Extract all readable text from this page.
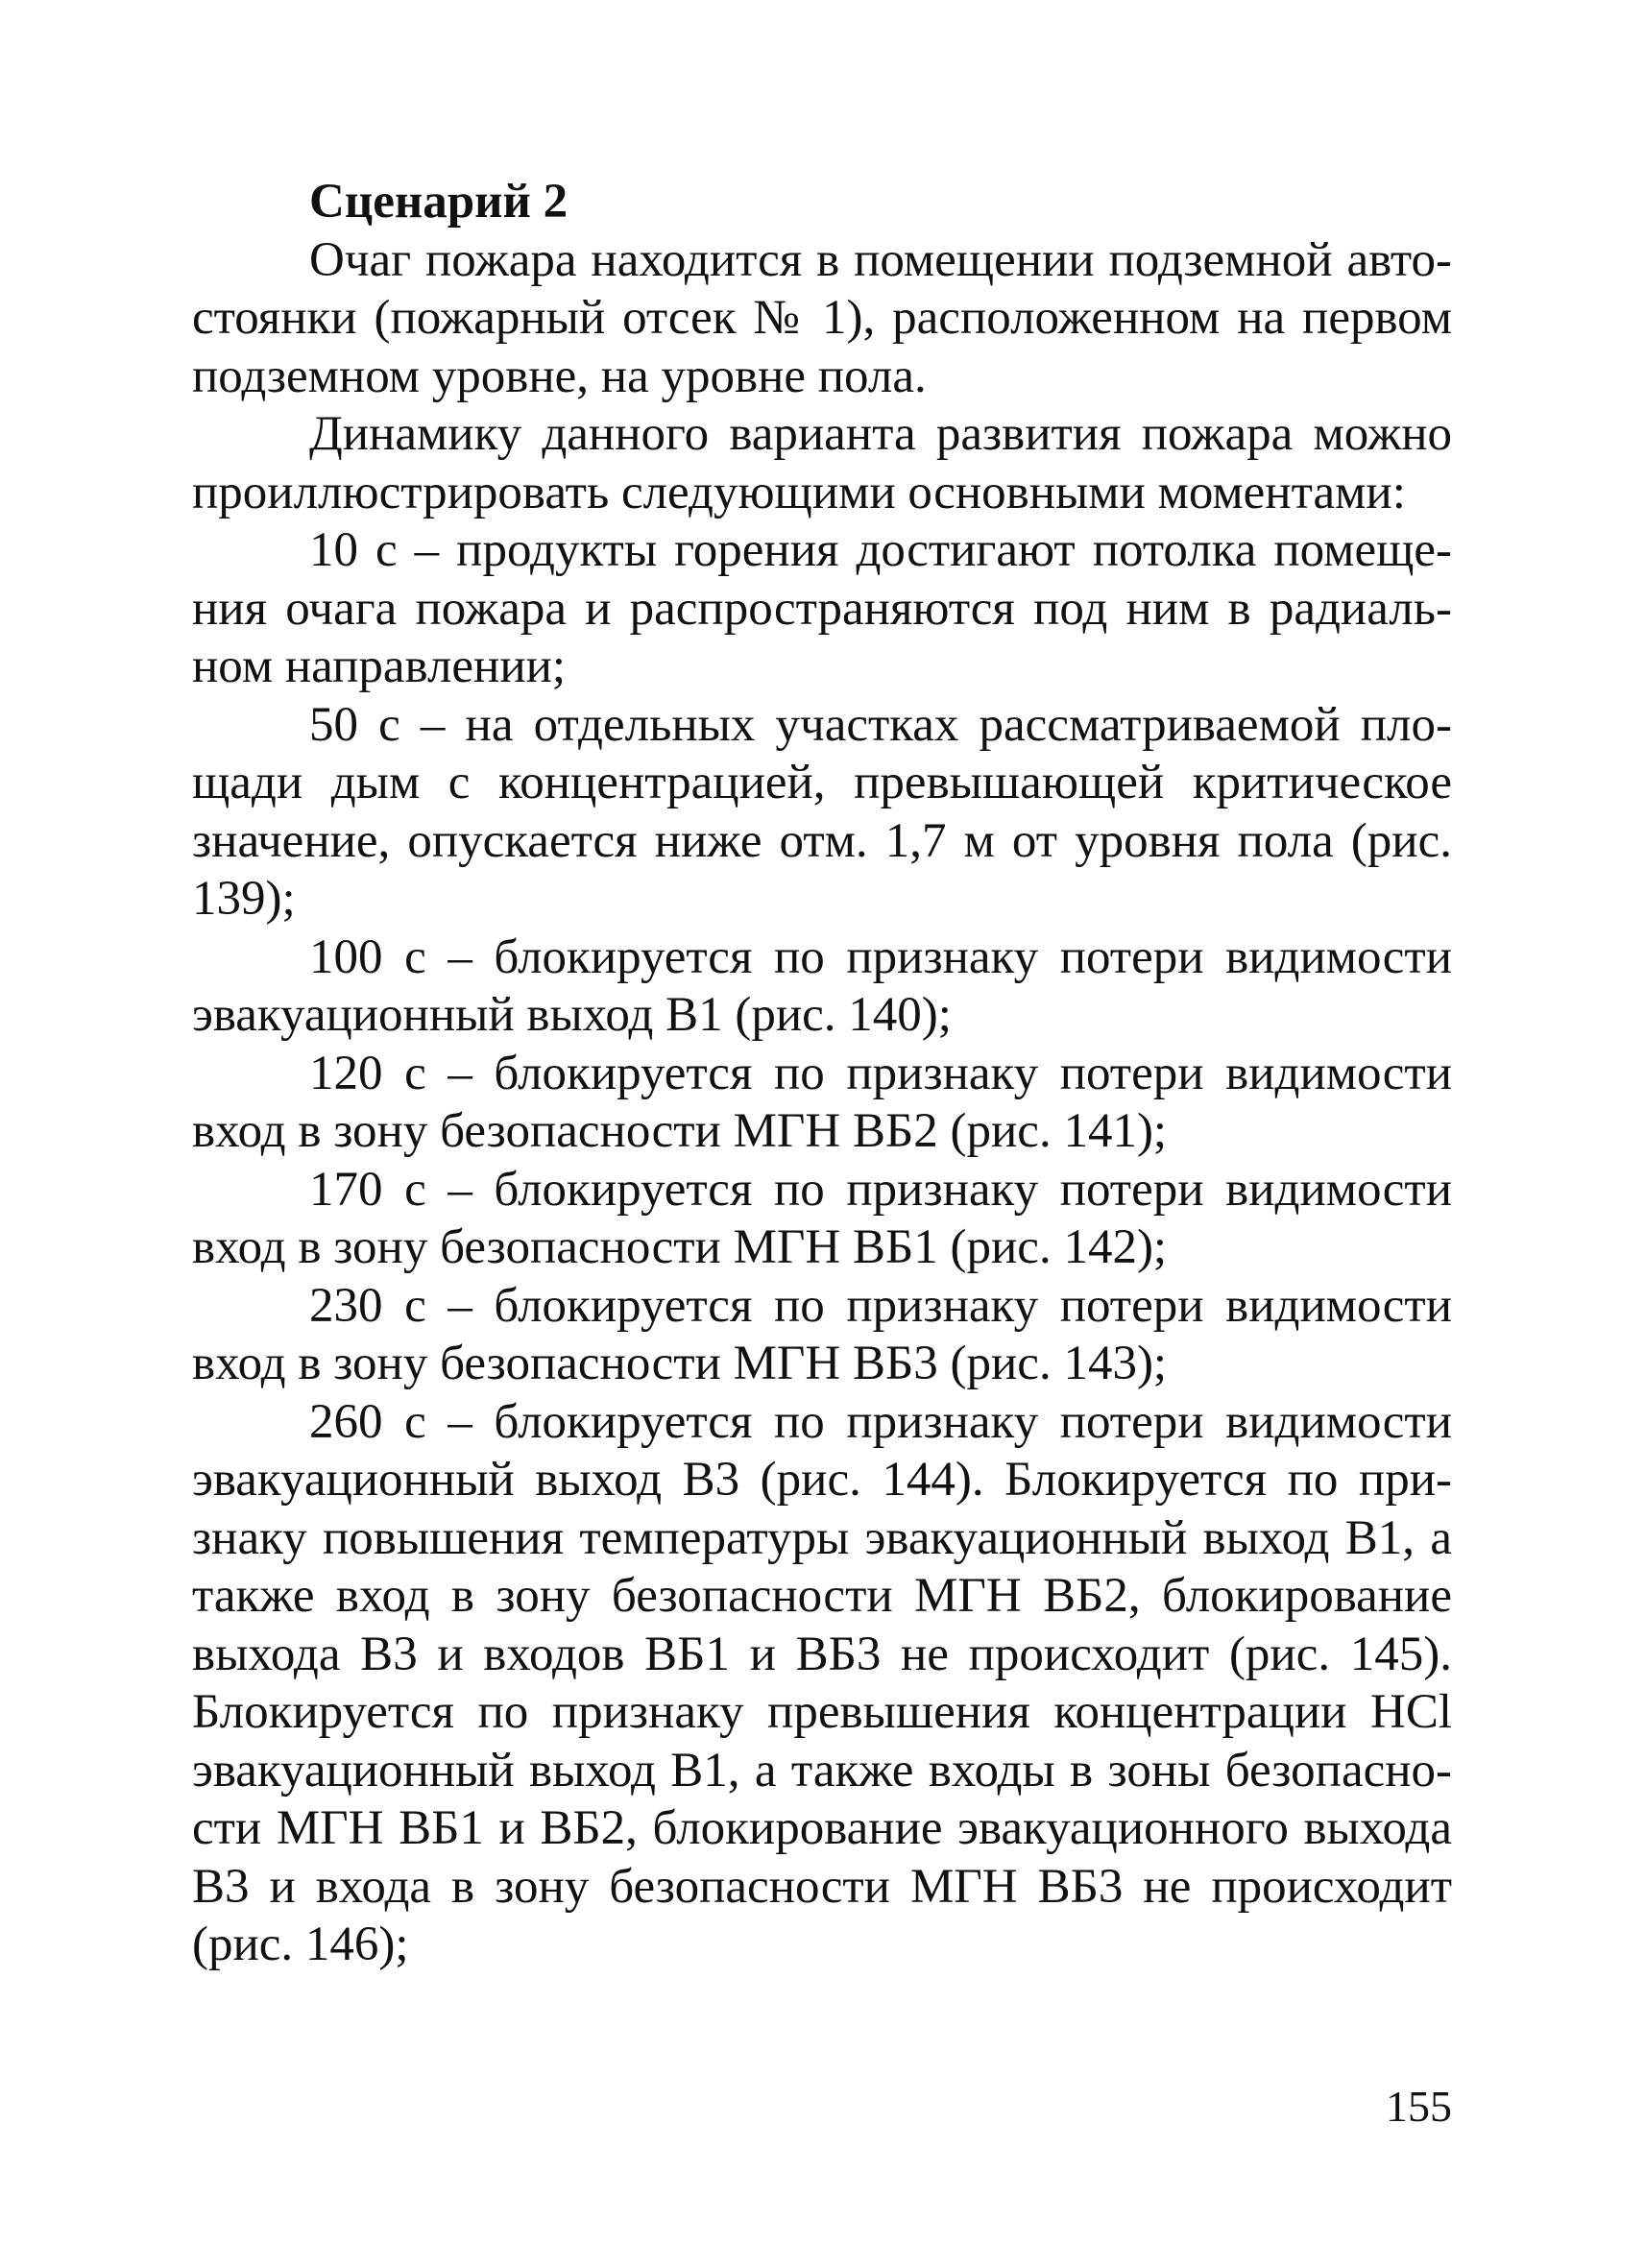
Сценарий 2

Очаг пожара находится в помещении подземной автостоянки (пожарный отсек № 1), расположенном на первом подземном уровне, на уровне пола.

Динамику данного варианта развития пожара можно проиллюстрировать следующими основными моментами:

10 с – продукты горения достигают потолка помещения очага пожара и распространяются под ним в радиальном направлении;

50 с – на отдельных участках рассматриваемой площади дым с концентрацией, превышающей критическое значение, опускается ниже отм. 1,7 м от уровня пола (рис. 139);

100 с – блокируется по признаку потери видимости эвакуационный выход В1 (рис. 140);

120 с – блокируется по признаку потери видимости вход в зону безопасности МГН ВБ2 (рис. 141);

170 с – блокируется по признаку потери видимости вход в зону безопасности МГН ВБ1 (рис. 142);

230 с – блокируется по признаку потери видимости вход в зону безопасности МГН ВБ3 (рис. 143);

260 с – блокируется по признаку потери видимости эвакуационный выход В3 (рис. 144). Блокируется по признаку повышения температуры эвакуационный выход В1, а также вход в зону безопасности МГН ВБ2, блокирование выхода В3 и входов ВБ1 и ВБ3 не происходит (рис. 145). Блокируется по признаку превышения концентрации HCl эвакуационный выход В1, а также входы в зоны безопасности МГН ВБ1 и ВБ2, блокирование эвакуационного выхода В3 и входа в зону безопасности МГН ВБ3 не происходит (рис. 146);

155
